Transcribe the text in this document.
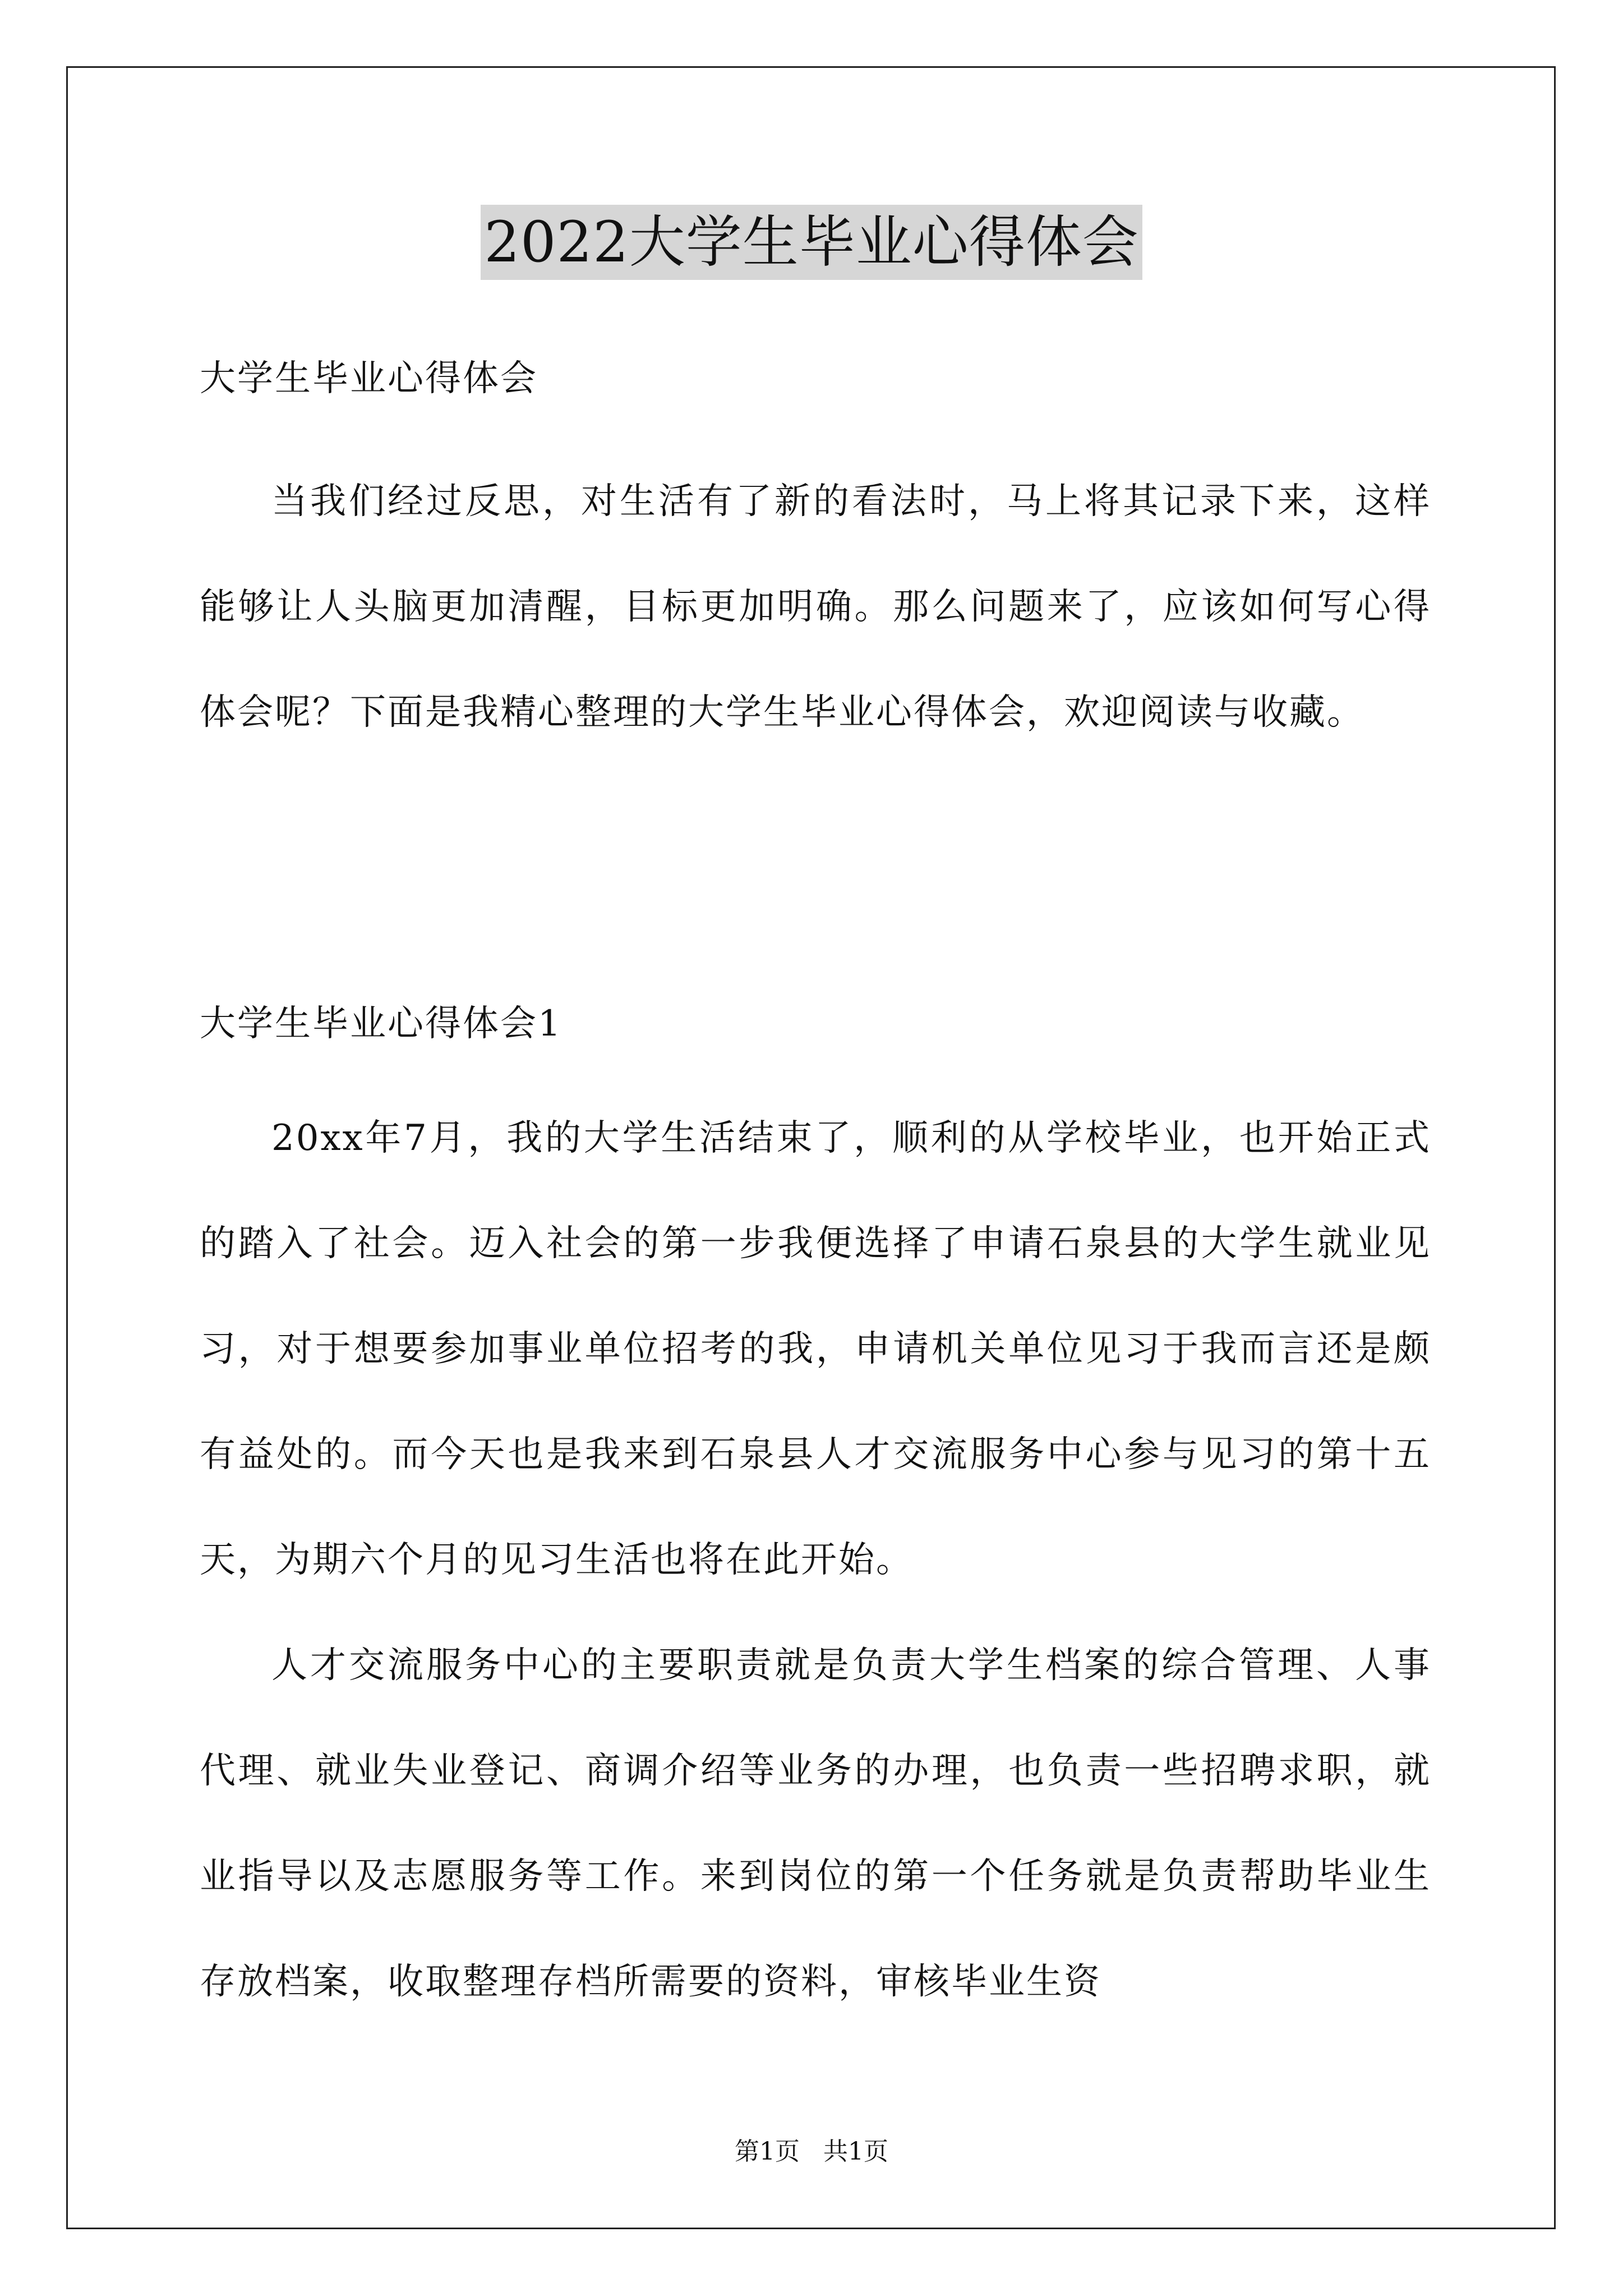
2022大学生毕业心得体会
大学生毕业心得体会

当我们经过反思，对生活有了新的看法时，马上将其记录下来，这样能够让人头脑更加清醒，目标更加明确。那么问题来了，应该如何写心得体会呢？下面是我精心整理的大学生毕业心得体会，欢迎阅读与收藏。

大学生毕业心得体会1

20xx年7月，我的大学生活结束了，顺利的从学校毕业，也开始正式的踏入了社会。迈入社会的第一步我便选择了申请石泉县的大学生就业见习，对于想要参加事业单位招考的我，申请机关单位见习于我而言还是颇有益处的。而今天也是我来到石泉县人才交流服务中心参与见习的第十五天，为期六个月的见习生活也将在此开始。

人才交流服务中心的主要职责就是负责大学生档案的综合管理、人事代理、就业失业登记、商调介绍等业务的办理，也负责一些招聘求职，就业指导以及志愿服务等工作。来到岗位的第一个任务就是负责帮助毕业生存放档案，收取整理存档所需要的资料，审核毕业生资

第1页 共1页
